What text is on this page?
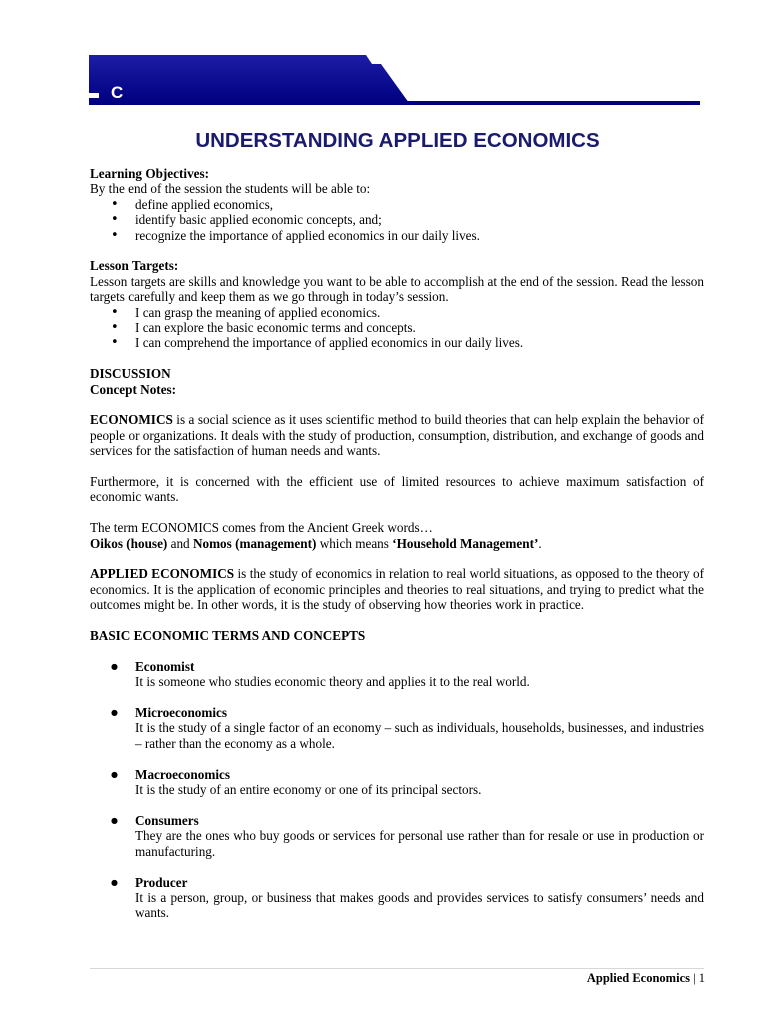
C
UNDERSTANDING APPLIED ECONOMICS

Learning Objectives:

By the end of the session the students will be able to:

• define applied economics,
• identify basic applied economic concepts, and;
• recognize the importance of applied economics in our daily lives.

Lesson Targets:

Lesson targets are skills and knowledge you want to be able to accomplish at the end of the session. Read the lesson targets carefully and keep them as we go through in today’s session.

• I can grasp the meaning of applied economics.
• I can explore the basic economic terms and concepts.
• I can comprehend the importance of applied economics in our daily lives.

DISCUSSION

Concept Notes:

ECONOMICS is a social science as it uses scientific method to build theories that can help explain the behavior of people or organizations. It deals with the study of production, consumption, distribution, and exchange of goods and services for the satisfaction of human needs and wants.

Furthermore, it is concerned with the efficient use of limited resources to achieve maximum satisfaction of economic wants.

The term ECONOMICS comes from the Ancient Greek words…

Oikos (house) and Nomos (management) which means ‘Household Management’.

APPLIED ECONOMICS is the study of economics in relation to real world situations, as opposed to the theory of economics. It is the application of economic principles and theories to real situations, and trying to predict what the outcomes might be. In other words, it is the study of observing how theories work in practice.

BASIC ECONOMIC TERMS AND CONCEPTS

● Economist
It is someone who studies economic theory and applies it to the real world.
● Microeconomics
It is the study of a single factor of an economy – such as individuals, households, businesses, and industries – rather than the economy as a whole.
● Macroeconomics
It is the study of an entire economy or one of its principal sectors.
● Consumers
They are the ones who buy goods or services for personal use rather than for resale or use in production or manufacturing.
● Producer
It is a person, group, or business that makes goods and provides services to satisfy consumers’ needs and wants.
Applied Economics | 1
